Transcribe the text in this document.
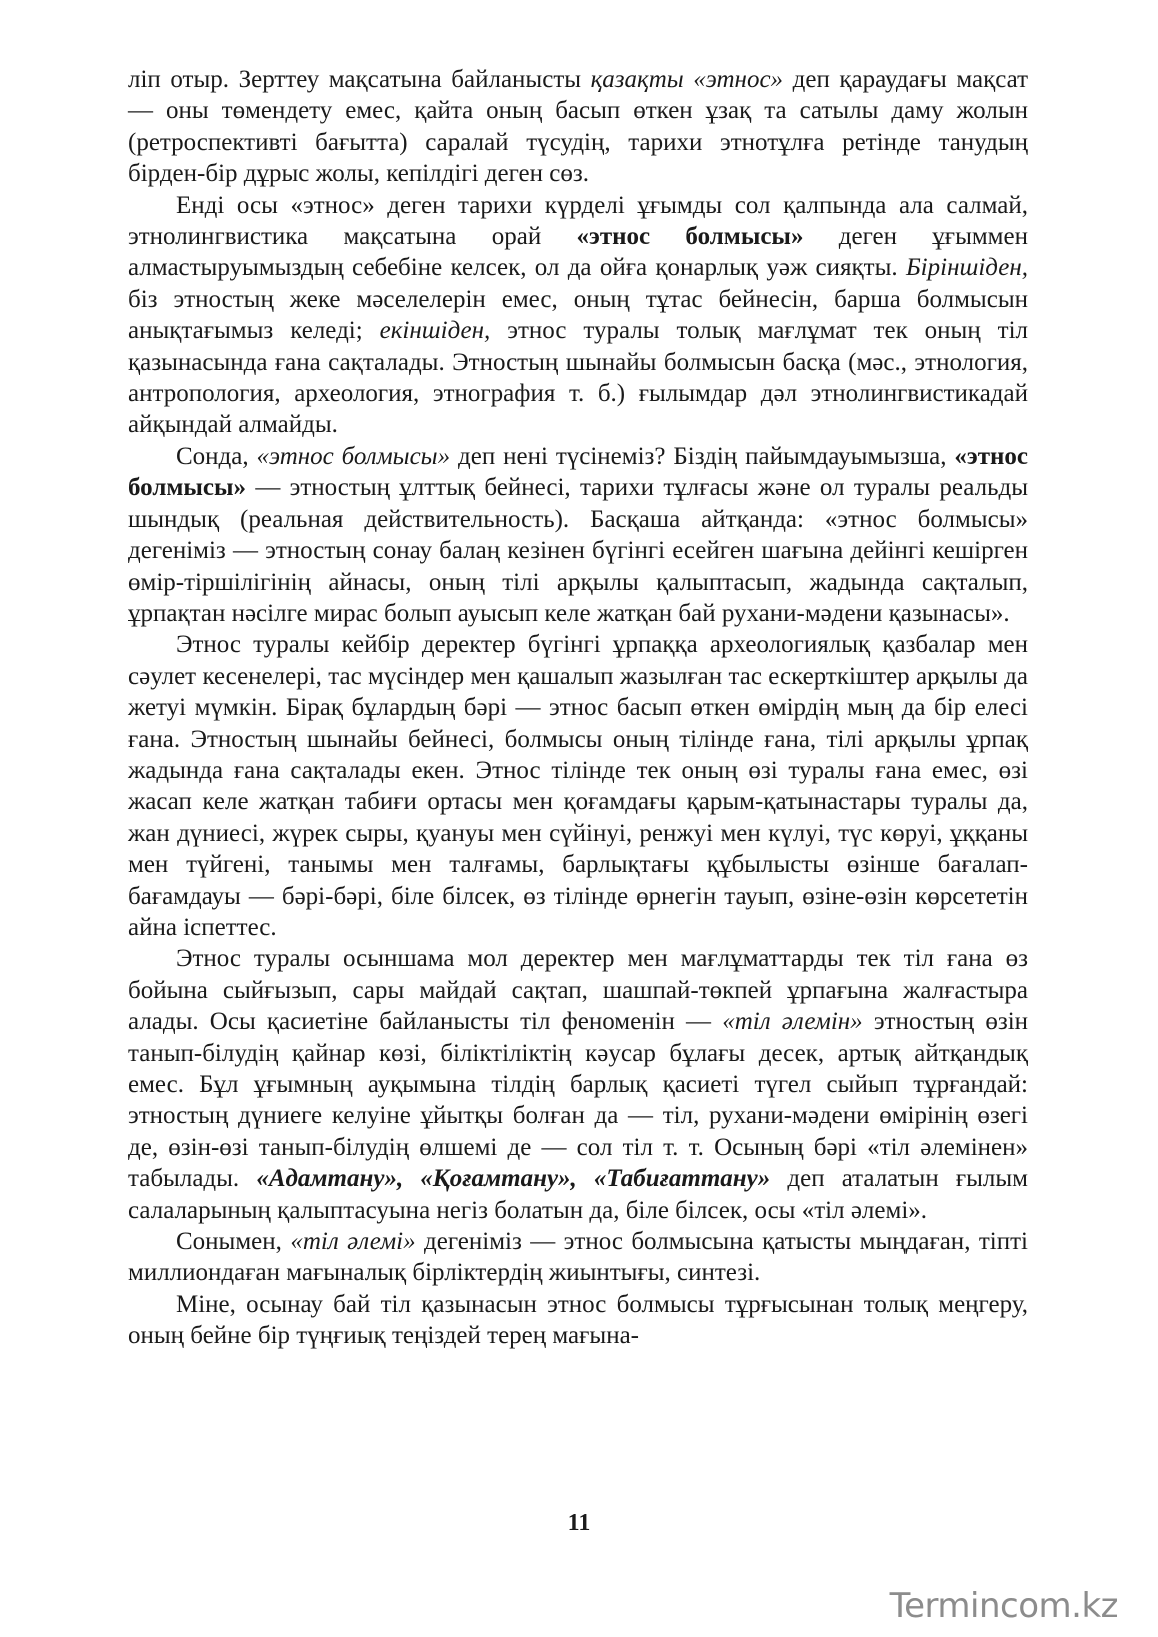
ліп отыр. Зерттеу мақсатына байланысты қазақты «этнос» деп қараудағы мақсат — оны төмендету емес, қайта оның басып өткен ұзақ та сатылы даму жолын (ретроспективті бағытта) саралай түсудің, тарихи этнотұлға ретінде танудың бірден-бір дұрыс жолы, кепілдігі деген сөз.

Енді осы «этнос» деген тарихи күрделі ұғымды сол қалпында ала салмай, этнолингвистика мақсатына орай «этнос болмысы» деген ұғыммен алмастыруымыздың себебіне келсек, ол да ойға қонарлық уәж сияқты. Біріншіден, біз этностың жеке мәселелерін емес, оның тұтас бейнесін, барша болмысын анықтағымыз келеді; екіншіден, этнос туралы толық мағлұмат тек оның тіл қазынасында ғана сақталады. Этностың шынайы болмысын басқа (мәс., этнология, антропология, археология, этнография т. б.) ғылымдар дәл этнолингвистикадай айқындай алмайды.

Сонда, «этнос болмысы» деп нені түсінеміз? Біздің пайымдауымызша, «этнос болмысы» — этностың ұлттық бейнесі, тарихи тұлғасы және ол туралы реальды шындық (реальная действительность). Басқаша айтқанда: «этнос болмысы» дегеніміз — этностың сонау балаң кезінен бүгінгі есейген шағына дейінгі кешірген өмір-тіршілігінің айнасы, оның тілі арқылы қалыптасып, жадында сақталып, ұрпақтан нәсілге мирас болып ауысып келе жатқан бай рухани-мәдени қазынасы».

Этнос туралы кейбір деректер бүгінгі ұрпаққа археологиялық қазбалар мен сәулет кесенелері, тас мүсіндер мен қашалып жазылған тас ескерткіштер арқылы да жетуі мүмкін. Бірақ бұлардың бәрі — этнос басып өткен өмірдің мың да бір елесі ғана. Этностың шынайы бейнесі, болмысы оның тілінде ғана, тілі арқылы ұрпақ жадында ғана сақталады екен. Этнос тілінде тек оның өзі туралы ғана емес, өзі жасап келе жатқан табиғи ортасы мен қоғамдағы қарым-қатынастары туралы да, жан дүниесі, жүрек сыры, қуануы мен сүйінуі, ренжуі мен күлуі, түс көруі, ұққаны мен түйгені, танымы мен талғамы, барлықтағы құбылысты өзінше бағалап-бағамдауы — бәрі-бәрі, біле білсек, өз тілінде өрнегін тауып, өзіне-өзін көрсететін айна іспеттес.

Этнос туралы осыншама мол деректер мен мағлұматтарды тек тіл ғана өз бойына сыйғызып, сары майдай сақтап, шашпай-төкпей ұрпағына жалғастыра алады. Осы қасиетіне байланысты тіл феноменін — «тіл әлемін» этностың өзін танып-білудің қайнар көзі, біліктіліктің кәусар бұлағы десек, артық айтқандық емес. Бұл ұғымның ауқымына тілдің барлық қасиеті түгел сыйып тұрғандай: этностың дүниеге келуіне ұйытқы болған да — тіл, рухани-мәдени өмірінің өзегі де, өзін-өзі танып-білудің өлшемі де — сол тіл т. т. Осының бәрі «тіл әлемінен» табылады. «Адамтану», «Қоғамтану», «Табиғаттану» деп аталатын ғылым салаларының қалыптасуына негіз болатын да, біле білсек, осы «тіл әлемі».

Сонымен, «тіл әлемі» дегеніміз — этнос болмысына қатысты мыңдаған, тіпті миллиондаған мағыналық бірліктердің жиынтығы, синтезі.

Міне, осынау бай тіл қазынасын этнос болмысы тұрғысынан толық меңгеру, оның бейне бір түңғиық теңіздей терең мағына-

11
Termincom.kz
